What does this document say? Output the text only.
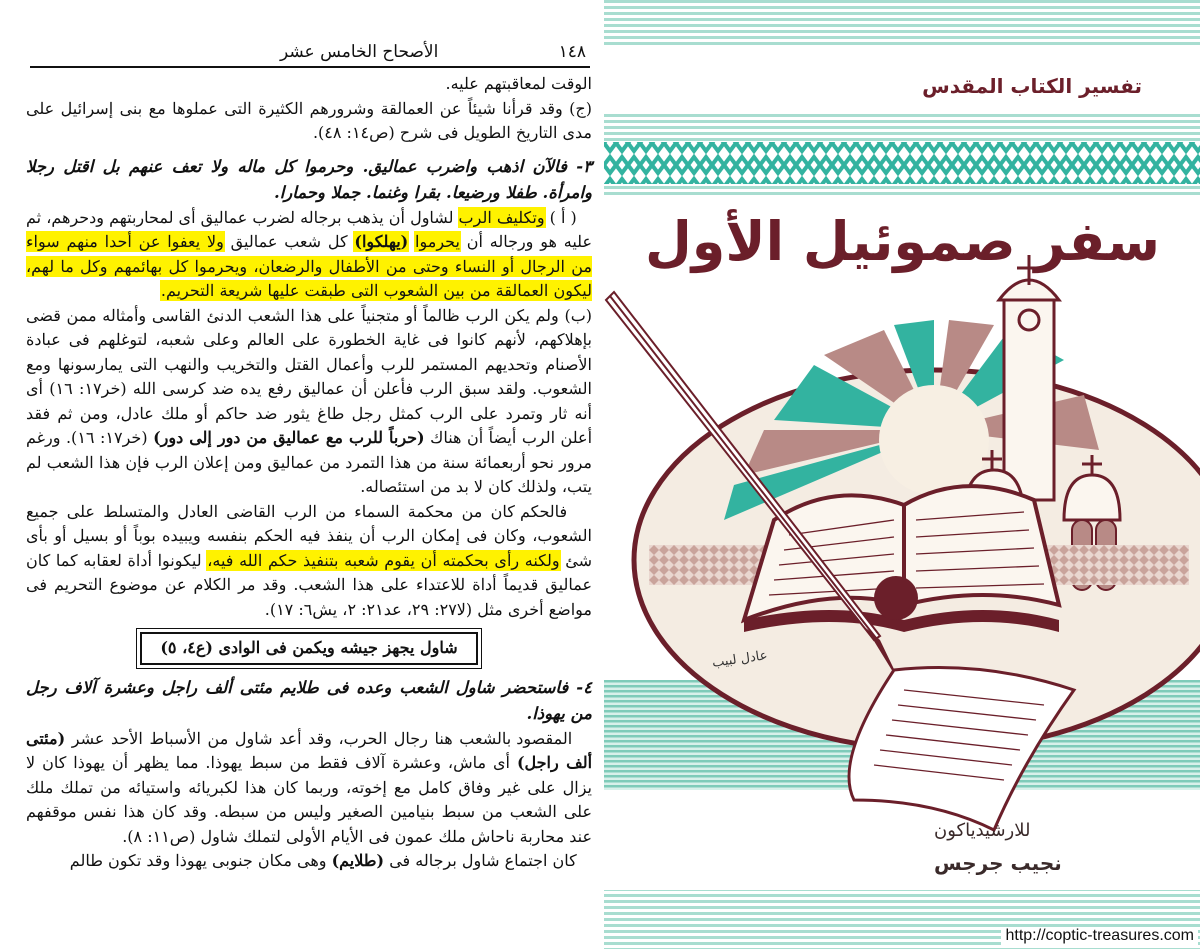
١٤٨
الأصحاح الخامس عشر

الوقت لمعاقبتهم عليه.

(ج) وقد قرأنا شيئاً عن العمالقة وشرورهم الكثيرة التى عملوها مع بنى إسرائيل على مدى التاريخ الطويل فى شرح (ص١٤: ٤٨).

٣- فالآن اذهب واضرب عماليق. وحرموا كل ماله ولا تعف عنهم بل اقتل رجلا وامرأة. طفلا ورضيعا. بقرا وغنما. جملا وحمارا.

( أ ) وتكليف الرب لشاول أن يذهب برجاله لضرب عماليق أى لمحاربتهم ودحرهم، ثم عليه هو ورجاله أن يحرموا (يهلكوا) كل شعب عماليق ولا يعفوا عن أحدا منهم سواء من الرجال أو النساء وحتى من الأطفال والرضعان، ويحرموا كل بهائمهم وكل ما لهم، ليكون العمالقة من بين الشعوب التى طبقت عليها شريعة التحريم.

(ب) ولم يكن الرب ظالماً أو متجنياً على هذا الشعب الدنئ القاسى وأمثاله ممن قضى بإهلاكهم، لأنهم كانوا فى غاية الخطورة على العالم وعلى شعبه، لتوغلهم فى عبادة الأصنام وتحديهم المستمر للرب وأعمال القتل والتخريب والنهب التى يمارسونها ومع الشعوب. ولقد سبق الرب فأعلن أن عماليق رفع يده ضد كرسى الله (خر١٧: ١٦) أى أنه ثار وتمرد على الرب كمثل رجل طاغ يثور ضد حاكم أو ملك عادل، ومن ثم فقد أعلن الرب أيضاً أن هناك (حرباً للرب مع عماليق من دور إلى دور) (خر١٧: ١٦). ورغم مرور نحو أربعمائة سنة من هذا التمرد من عماليق ومن إعلان الرب فإن هذا الشعب لم يتب، ولذلك كان لا بد من استئصاله.

فالحكم كان من محكمة السماء من الرب القاضى العادل والمتسلط على جميع الشعوب، وكان فى إمكان الرب أن ينفذ فيه الحكم بنفسه ويبيده بوباً أو بسيل أو بأى شئ ولكنه رأى بحكمته أن يقوم شعبه بتنفيذ حكم الله فيه، ليكونوا أداة لعقابه كما كان عماليق قديماً أداة للاعتداء على هذا الشعب. وقد مر الكلام عن موضوع التحريم فى مواضع أخرى مثل (لا٢٧: ٢٩، عد٢١: ٢، يش٦: ١٧).

شاول يجهز جيشه ويكمن فى الوادى (ع٤، ٥)

٤- فاستحضر شاول الشعب وعده فى طلايم مئتى ألف راجل وعشرة آلاف رجل من يهوذا.

المقصود بالشعب هنا رجال الحرب، وقد أعد شاول من الأسباط الأحد عشر (مئتى ألف راجل) أى ماش، وعشرة آلاف فقط من سبط يهوذا. مما يظهر أن يهوذا كان لا يزال على غير وفاق كامل مع إخوته، وربما كان هذا لكبريائه واستيائه من تملك ملك على الشعب من سبط بنيامين الصغير وليس من سبطه. وقد كان هذا نفس موقفهم عند محاربة ناحاش ملك عمون فى الأيام الأولى لتملك شاول (ص١١: ٨).

كان اجتماع شاول برجاله فى (طلايم) وهى مكان جنوبى يهوذا وقد تكون طالم

تفسير الكتاب المقدس
سفر صموئيل الأول
عادل لبيب
للارشيدياكون
نجيب جرجس
http://coptic-treasures.com
